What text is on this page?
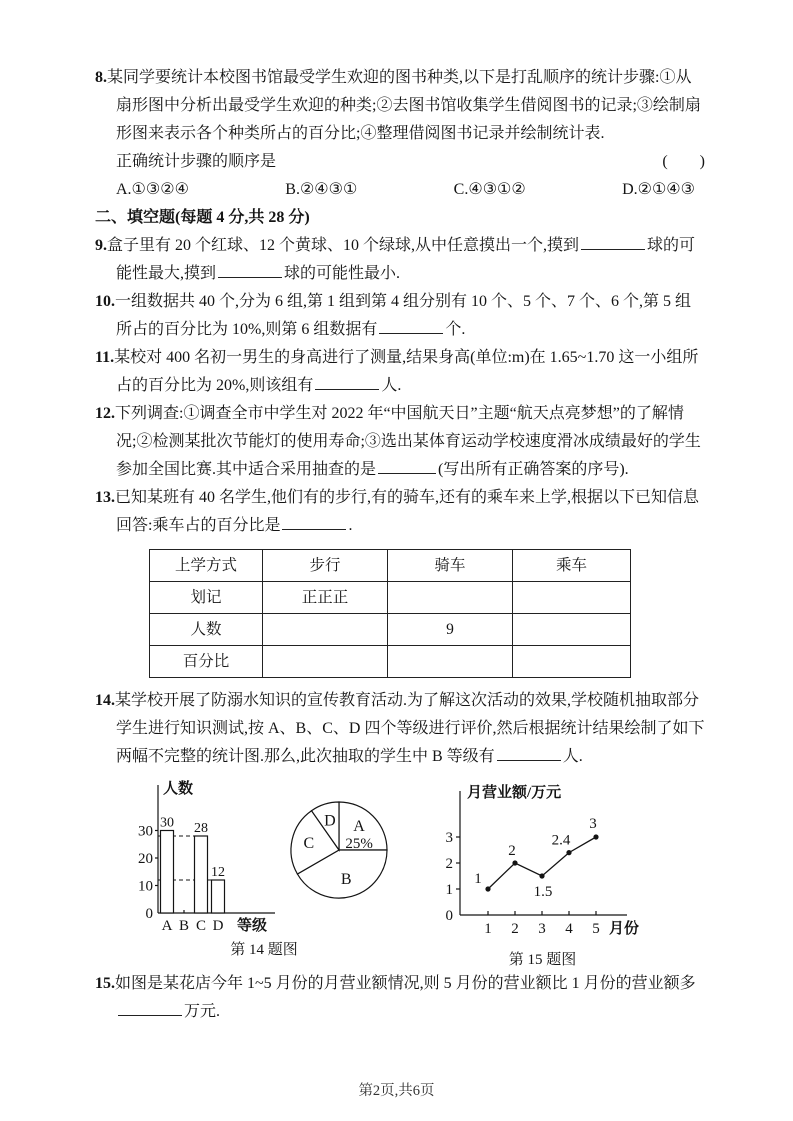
8.某同学要统计本校图书馆最受学生欢迎的图书种类,以下是打乱顺序的统计步骤:①从扇形图中分析出最受学生欢迎的种类;②去图书馆收集学生借阅图书的记录;③绘制扇形图来表示各个种类所占的百分比;④整理借阅图书记录并绘制统计表.
正确统计步骤的顺序是	(　　)
A.①③②④	B.②④③①	C.④③①②	D.②①④③
二、填空题(每题 4 分,共 28 分)
9.盒子里有 20 个红球、12 个黄球、10 个绿球,从中任意摸出一个,摸到	球的可能性最大,摸到	球的可能性最小.
10.一组数据共 40 个,分为 6 组,第 1 组到第 4 组分别有 10 个、5 个、7 个、6 个,第 5 组所占的百分比为 10%,则第 6 组数据有	个.
11.某校对 400 名初一男生的身高进行了测量,结果身高(单位:m)在 1.65~1.70 这一小组所占的百分比为 20%,则该组有	人.
12.下列调查:①调查全市中学生对 2022 年“中国航天日”主题“航天点亮梦想”的了解情况;②检测某批次节能灯的使用寿命;③选出某体育运动学校速度滑冰成绩最好的学生参加全国比赛.其中适合采用抽查的是	(写出所有正确答案的序号).
13.已知某班有 40 名学生,他们有的步行,有的骑车,还有的乘车来上学,根据以下已知信息回答:乘车占的百分比是	.
上学方式	步行	骑车	乘车
划记	正正正		
人数		9	
百分比			
14.某学校开展了防溺水知识的宣传教育活动.为了解这次活动的效果,学校随机抽取部分学生进行知识测试,按 A、B、C、D 四个等级进行评价,然后根据统计结果绘制了如下两幅不完整的统计图.那么,此次抽取的学生中 B 等级有	人.
0
10
20
30
人数
30 28
12
A B C D 等级
A
25%
B
C
D
第 14 题图
0
1
2
3
月营业额/万元
1 2 3 4 5 月份
1
2
1.5
2.4
3
第 15 题图
15.如图是某花店今年 1~5 月份的月营业额情况,则 5 月份的营业额比 1 月份的营业额多万元.
第2页,共6页
